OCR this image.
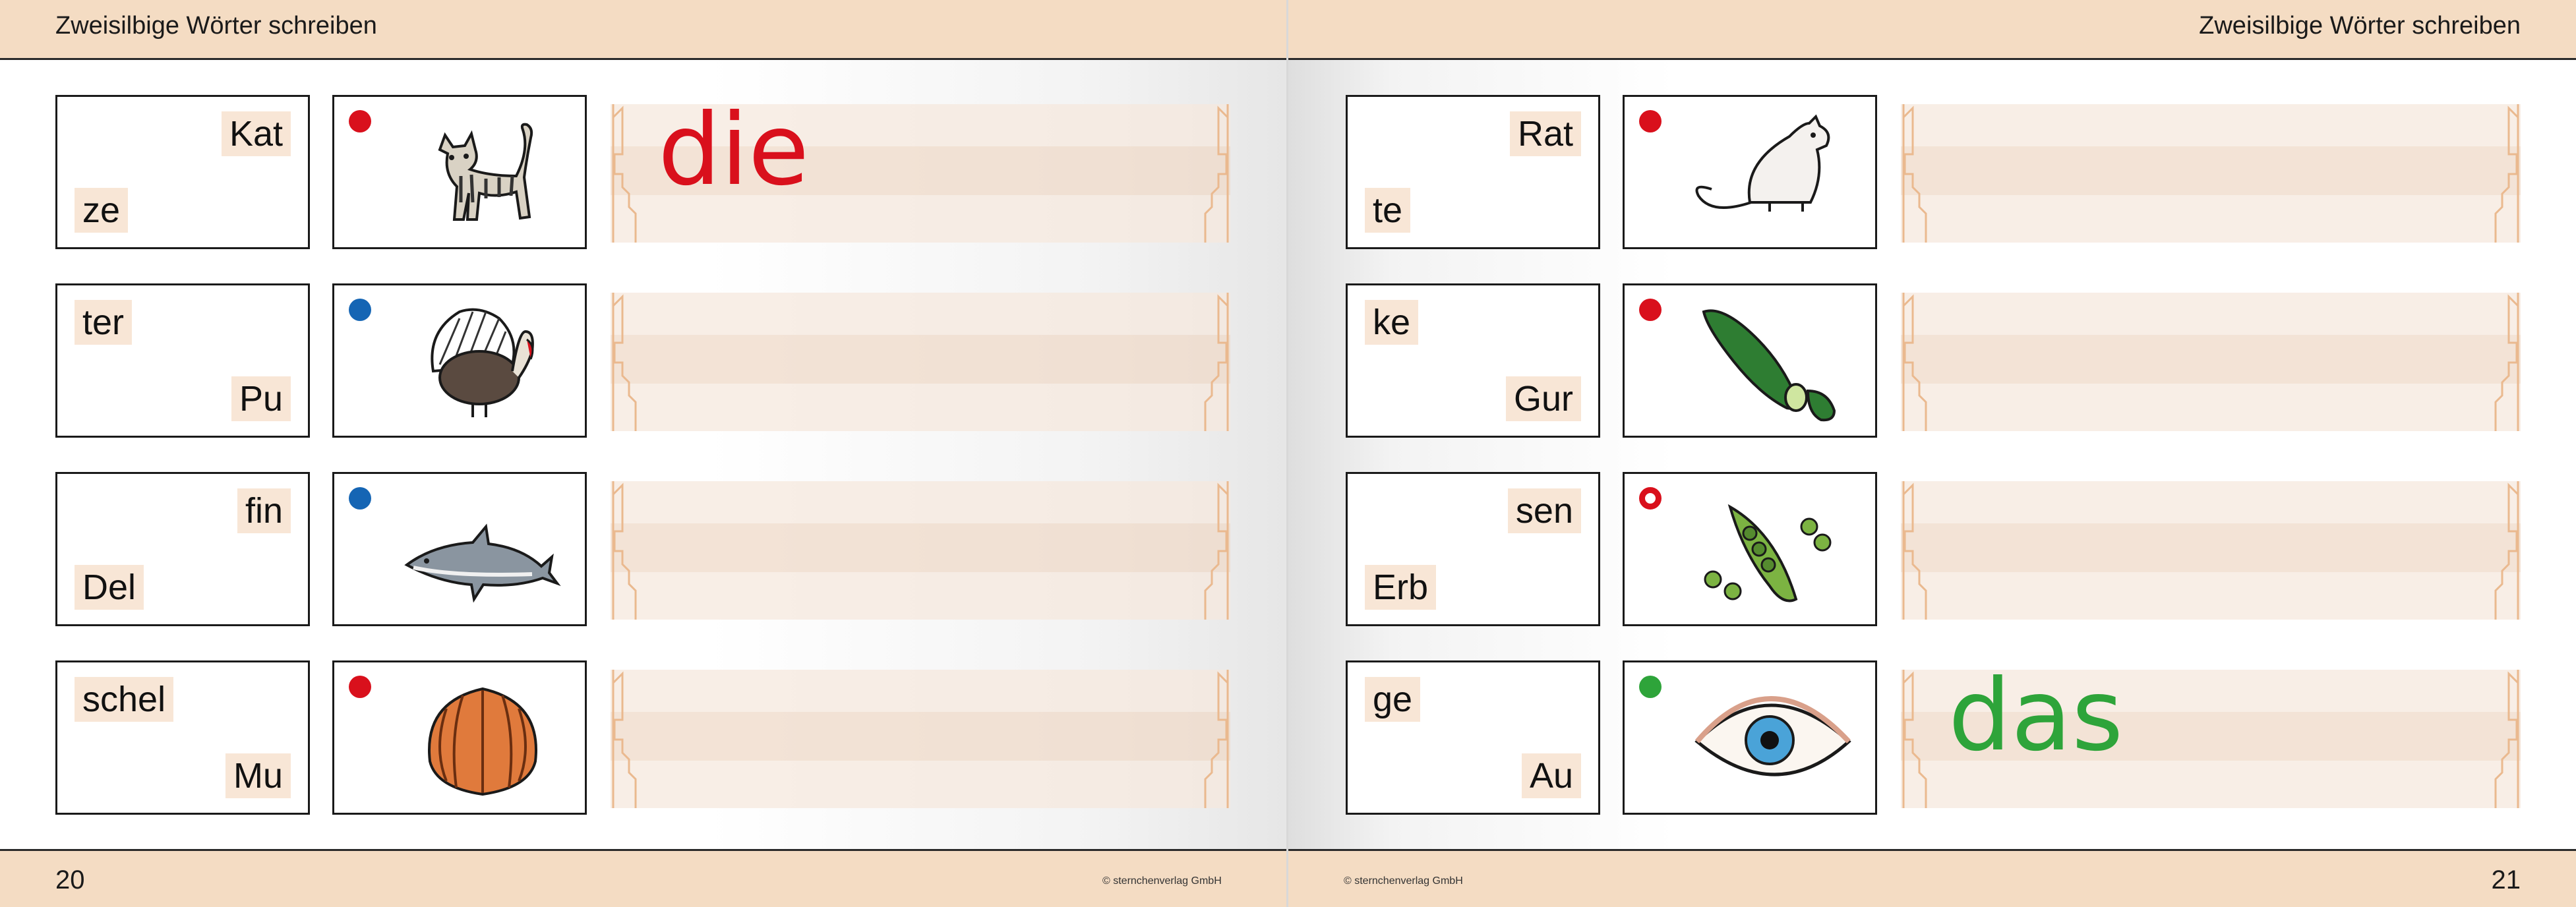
Zweisilbige Wörter schreiben
Kat
ze
die
ter
Pu
fin
Del
schel
Mu
20	© sternchenverlag GmbH
Zweisilbige Wörter schreiben
Rat
te
ke
Gur
sen
Erb
ge
Au
das
© sternchenverlag GmbH	21
